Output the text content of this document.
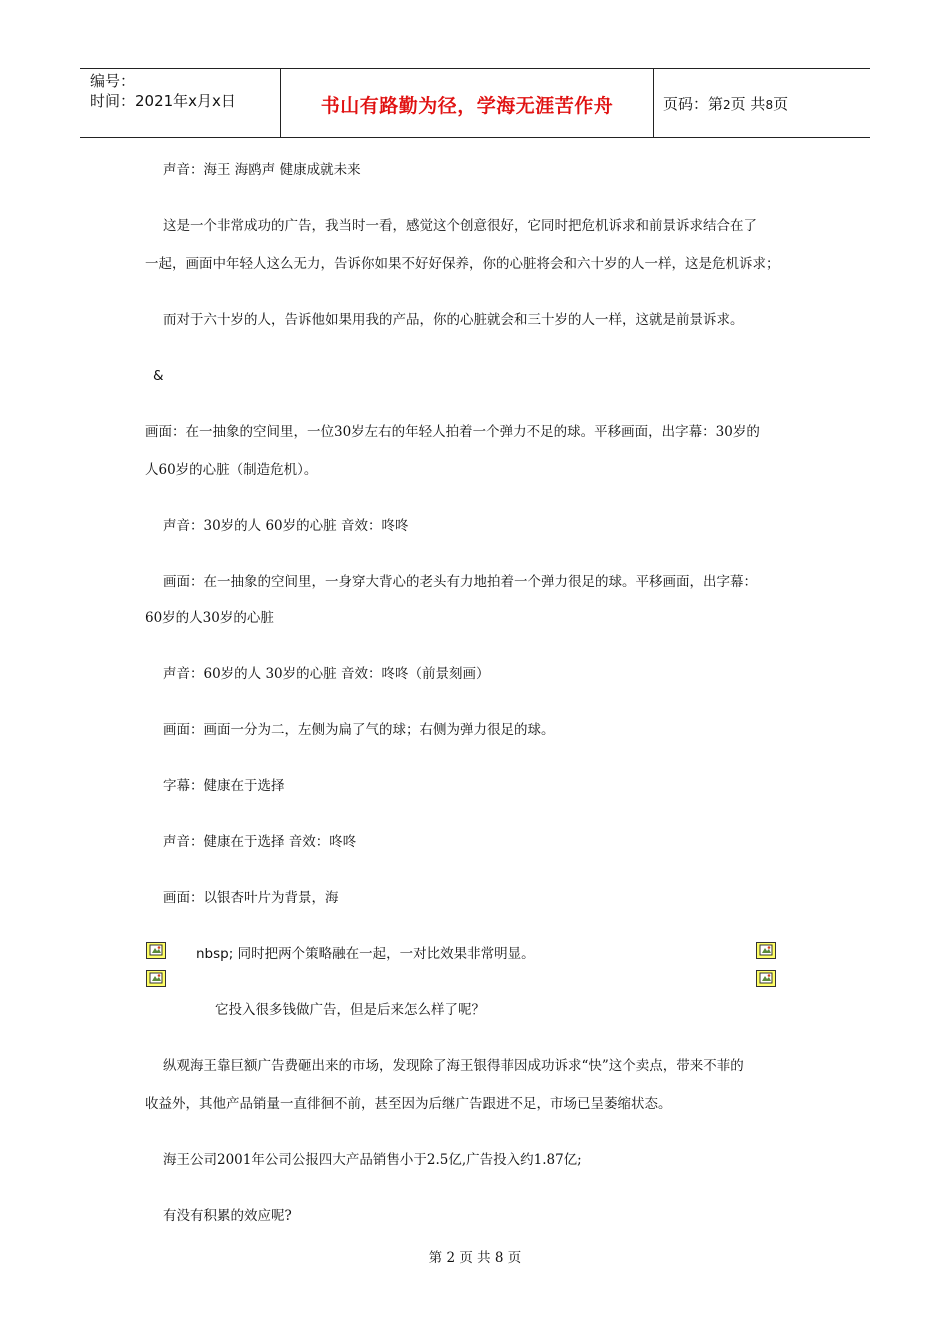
编号：
时间：2021年x月x日	书山有路勤为径，学海无涯苦作舟	页码：第2页 共8页
声音：海王 海鸥声 健康成就未来
这是一个非常成功的广告，我当时一看，感觉这个创意很好，它同时把危机诉求和前景诉求结合在了
一起，画面中年轻人这么无力，告诉你如果不好好保养，你的心脏将会和六十岁的人一样，这是危机诉求；
而对于六十岁的人，告诉他如果用我的产品，你的心脏就会和三十岁的人一样，这就是前景诉求。
&
画面：在一抽象的空间里，一位30岁左右的年轻人拍着一个弹力不足的球。平移画面，出字幕：30岁的
人60岁的心脏（制造危机）。
声音：30岁的人 60岁的心脏 音效：咚咚
画面：在一抽象的空间里，一身穿大背心的老头有力地拍着一个弹力很足的球。平移画面，出字幕：
60岁的人30岁的心脏
声音：60岁的人 30岁的心脏 音效：咚咚（前景刻画）
画面：画面一分为二，左侧为扁了气的球；右侧为弹力很足的球。
字幕：健康在于选择
声音：健康在于选择 音效：咚咚
画面：以银杏叶片为背景，海
nbsp; 同时把两个策略融在一起，一对比效果非常明显。
它投入很多钱做广告，但是后来怎么样了呢？
纵观海王靠巨额广告费砸出来的市场，发现除了海王银得菲因成功诉求“快”这个卖点，带来不菲的
收益外，其他产品销量一直徘徊不前，甚至因为后继广告跟进不足，市场已呈萎缩状态。
海王公司2001年公司公报四大产品销售小于2.5亿,广告投入约1.87亿;
有没有积累的效应呢?
第 2 页 共 8 页
